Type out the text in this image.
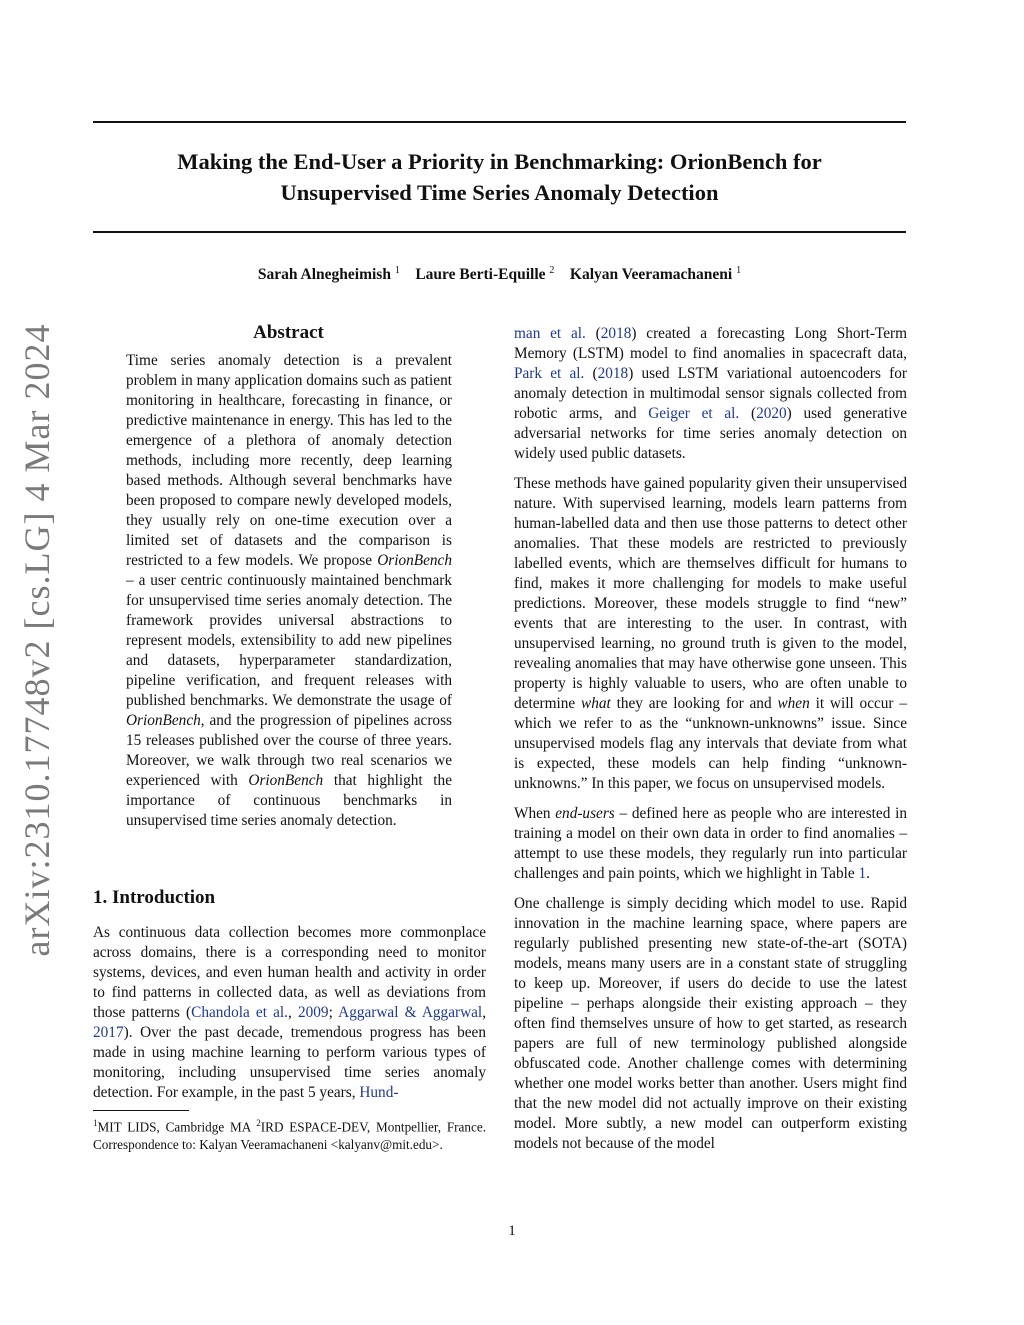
Making the End-User a Priority in Benchmarking: OrionBench for
Unsupervised Time Series Anomaly Detection
Sarah Alnegheimish $^1$ Laure Berti-Equille $^2$ Kalyan Veeramachaneni $^1$
arXiv:2310.17748v2 [cs.LG] 4 Mar 2024	Abstract
Time series anomaly detection is a prevalent problem in many application domains such as patient monitoring in healthcare, forecasting in finance, or predictive maintenance in energy. This has led to the emergence of a plethora of anomaly detection methods, including more recently, deep learning based methods. Although several benchmarks have been proposed to compare newly developed models, they usually rely on one-time execution over a limited set of datasets and the comparison is restricted to a few models. We propose OrionBench – a user centric continuously maintained benchmark for unsupervised time series anomaly detection. The framework provides universal abstractions to represent models, extensibility to add new pipelines and datasets, hyperparameter standardization, pipeline verification, and frequent releases with published benchmarks. We demonstrate the usage of OrionBench, and the progression of pipelines across 15 releases published over the course of three years. Moreover, we walk through two real scenarios we experienced with OrionBench that highlight the importance of continuous benchmarks in unsupervised time series anomaly detection.
1. Introduction
As continuous data collection becomes more commonplace across domains, there is a corresponding need to monitor systems, devices, and even human health and activity in order to find patterns in collected data, as well as deviations from those patterns (Chandola et al., 2009; Aggarwal & Aggarwal, 2017). Over the past decade, tremendous progress has been made in using machine learning to perform various types of monitoring, including unsupervised time series anomaly detection. For example, in the past 5 years, Hund-
$^1$MIT LIDS, Cambridge MA $^2$IRD ESPACE-DEV, Montpellier, France. Correspondence to: Kalyan Veeramachaneni <kalyanv@mit.edu>.

man et al. (2018) created a forecasting Long Short-Term Memory (LSTM) model to find anomalies in spacecraft data, Park et al. (2018) used LSTM variational autoencoders for anomaly detection in multimodal sensor signals collected from robotic arms, and Geiger et al. (2020) used generative adversarial networks for time series anomaly detection on widely used public datasets.

These methods have gained popularity given their unsupervised nature. With supervised learning, models learn patterns from human-labelled data and then use those patterns to detect other anomalies. That these models are restricted to previously labelled events, which are themselves difficult for humans to find, makes it more challenging for models to make useful predictions. Moreover, these models struggle to find “new” events that are interesting to the user. In contrast, with unsupervised learning, no ground truth is given to the model, revealing anomalies that may have otherwise gone unseen. This property is highly valuable to users, who are often unable to determine what they are looking for and when it will occur – which we refer to as the “unknown-unknowns” issue. Since unsupervised models flag any intervals that deviate from what is expected, these models can help finding “unknown-unknowns.” In this paper, we focus on unsupervised models.

When end-users – defined here as people who are interested in training a model on their own data in order to find anomalies – attempt to use these models, they regularly run into particular challenges and pain points, which we highlight in Table 1.

One challenge is simply deciding which model to use. Rapid innovation in the machine learning space, where papers are regularly published presenting new state-of-the-art (SOTA) models, means many users are in a constant state of struggling to keep up. Moreover, if users do decide to use the latest pipeline – perhaps alongside their existing approach – they often find themselves unsure of how to get started, as research papers are full of new terminology published alongside obfuscated code. Another challenge comes with determining whether one model works better than another. Users might find that the new model did not actually improve on their existing model. More subtly, a new model can outperform existing models not because of the model

1
